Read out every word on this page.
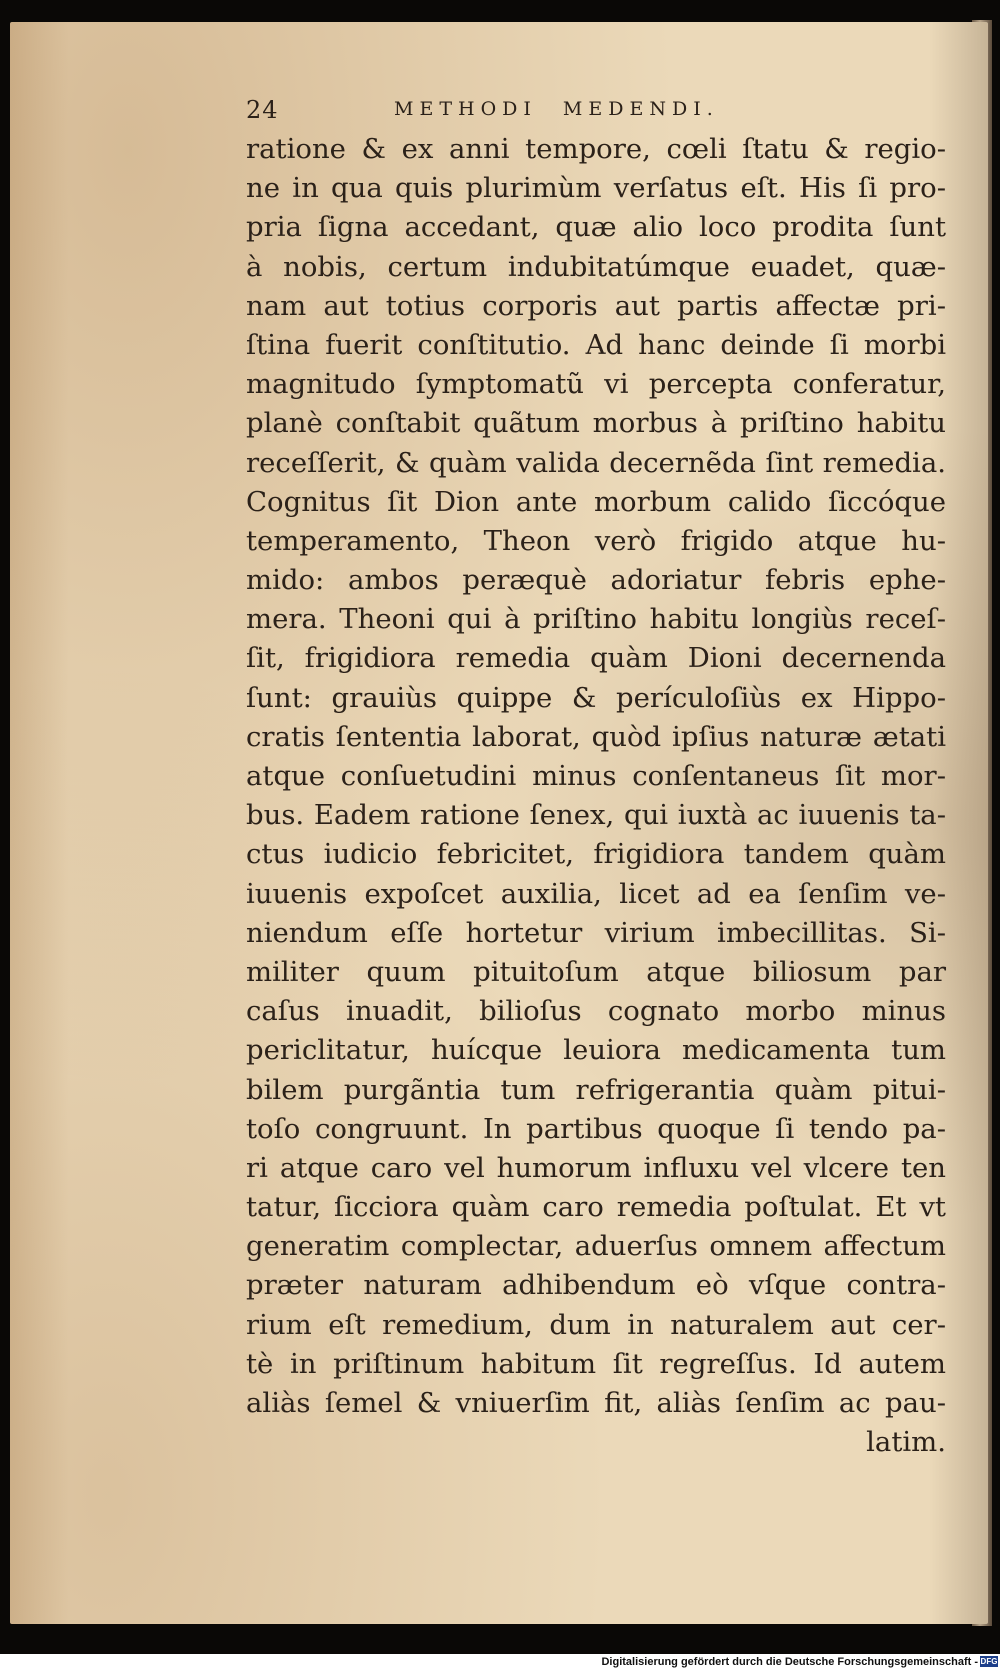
24	METHODI MEDENDI.
ratione & ex anni tempore, cœli ſtatu & regio-
ne in qua quis plurimùm verſatus eſt. His ſi pro-
pria ſigna accedant, quæ alio loco prodita ſunt
à nobis, certum indubitatúmque euadet, quæ-
nam aut totius corporis aut partis affectæ pri-
ſtina fuerit conſtitutio. Ad hanc deinde ſi morbi
magnitudo ſymptomatũ vi percepta conferatur,
planè conſtabit quãtum morbus à priſtino habitu
receſſerit, & quàm valida decernẽda ſint remedia.
Cognitus ſit Dion ante morbum calido ſiccóque
temperamento, Theon verò frigido atque hu-
mido: ambos peræquè adoriatur febris ephe-
mera. Theoni qui à priſtino habitu longiùs receſ-
ſit, frigidiora remedia quàm Dioni decernenda
ſunt: grauiùs quippe & perículoſiùs ex Hippo-
cratis ſententia laborat, quòd ipſius naturæ ætati
atque conſuetudini minus conſentaneus ſit mor-
bus. Eadem ratione ſenex, qui iuxtà ac iuuenis ta-
ctus iudicio febricitet, frigidiora tandem quàm
iuuenis expoſcet auxilia, licet ad ea ſenſim ve-
niendum eſſe hortetur virium imbecillitas. Si-
militer quum pituitoſum atque biliosum par
caſus inuadit, bilioſus cognato morbo minus
periclitatur, huícque leuiora medicamenta tum
bilem purgãntia tum refrigerantia quàm pitui-
toſo congruunt. In partibus quoque ſi tendo pa-
ri atque caro vel humorum influxu vel vlcere ten
tatur, ſicciora quàm caro remedia poſtulat. Et vt
generatim complectar, aduerſus omnem affectum
præter naturam adhibendum eò vſque contra-
rium eſt remedium, dum in naturalem aut cer-
tè in priſtinum habitum ſit regreſſus. Id autem
aliàs ſemel & vniuerſim fit, aliàs ſenſim ac pau-
latim.
Digitalisierung gefördert durch die Deutsche Forschungsgemeinschaft - DFG
